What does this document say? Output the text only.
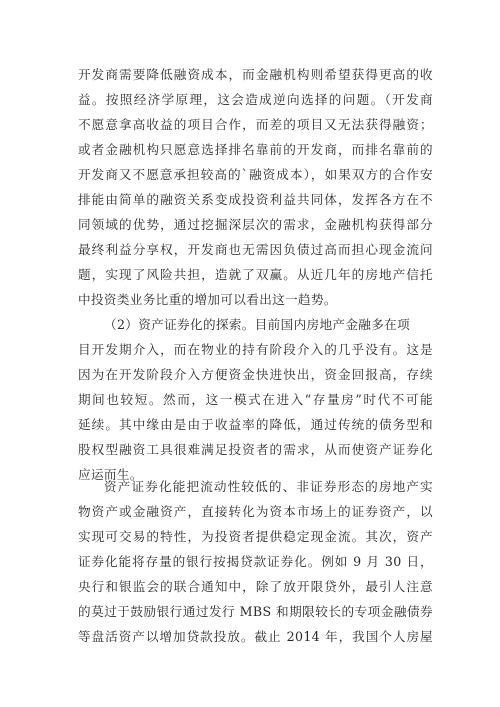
开发商需要降低融资成本，而金融机构则希望获得更高的收
益。按照经济学原理，这会造成逆向选择的问题。（开发商
不愿意拿高收益的项目合作，而差的项目又无法获得融资；
或者金融机构只愿意选择排名靠前的开发商，而排名靠前的
开发商又不愿意承担较高的`融资成本），如果双方的合作安
排能由简单的融资关系变成投资利益共同体，发挥各方在不
同领域的优势，通过挖掘深层次的需求，金融机构获得部分
最终利益分享权，开发商也无需因负债过高而担心现金流问
题，实现了风险共担，造就了双赢。从近几年的房地产信托
中投资类业务比重的增加可以看出这一趋势。
（2）资产证券化的探索。目前国内房地产金融多在项
目开发期介入，而在物业的持有阶段介入的几乎没有。这是
因为在开发阶段介入方便资金快进快出，资金回报高，存续
期间也较短。然而，这一模式在进入“存量房”时代不可能
延续。其中缘由是由于收益率的降低，通过传统的债务型和
股权型融资工具很难满足投资者的需求，从而使资产证券化
应运而生。
资产证券化能把流动性较低的、非证券形态的房地产实
物资产或金融资产，直接转化为资本市场上的证券资产，以
实现可交易的特性，为投资者提供稳定现金流。其次，资产
证券化能将存量的银行按揭贷款证券化。例如 9 月 30 日，
央行和银监会的联合通知中，除了放开限贷外，最引人注意
的莫过于鼓励银行通过发行 MBS 和期限较长的专项金融债券
等盘活资产以增加贷款投放。截止 2014 年，我国个人房屋
